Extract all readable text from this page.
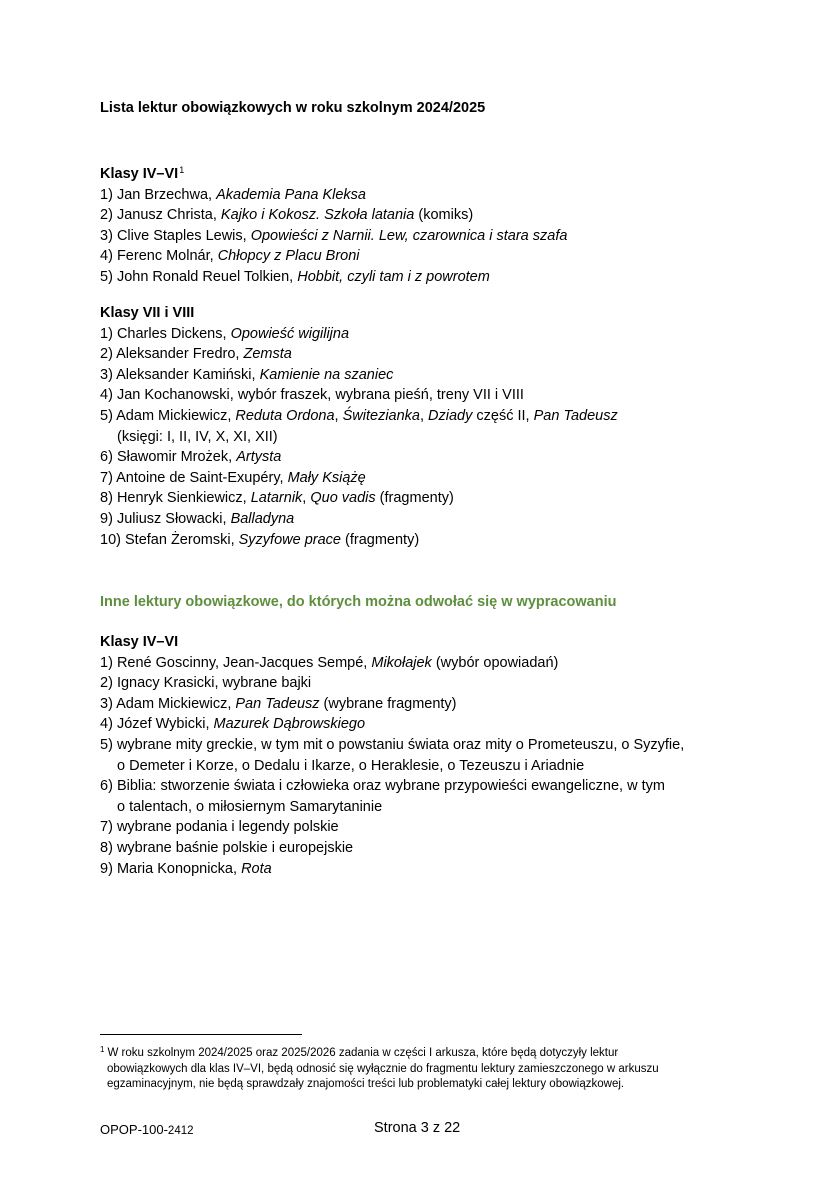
Lista lektur obowiązkowych w roku szkolnym 2024/2025
Klasy $IV-VI^1$
1) Jan Brzechwa, Akademia Pana Kleksa
2) Janusz Christa, Kajko i Kokosz. Szkoła latania (komiks)
3) Clive Staples Lewis, Opowieści z Narnii. Lew, czarownica i stara szafa
4) Ferenc Molnár, Chłopcy z Placu Broni
5) John Ronald Reuel Tolkien, Hobbit, czyli tam i z powrotem
Klasy VII i VIII
1) Charles Dickens, Opowieść wigilijna
2) Aleksander Fredro, Zemsta
3) Aleksander Kamiński, Kamienie na szaniec
4) Jan Kochanowski, wybór fraszek, wybrana pieśń, treny VII i VIII
5) Adam Mickiewicz, Reduta Ordona, Świtezianka, Dziady część II, Pan Tadeusz
(księgi: I, II, IV, X, XI, XII)
6) Sławomir Mrożek, Artysta
7) Antoine de Saint-Exupéry, Mały Książę
8) Henryk Sienkiewicz, Latarnik, Quo vadis (fragmenty)
9) Juliusz Słowacki, Balladyna
10) Stefan Żeromski, Syzyfowe prace (fragmenty)
Inne lektury obowiązkowe, do których można odwołać się w wypracowaniu
Klasy IV–VI
1) René Goscinny, Jean-Jacques Sempé, Mikołajek (wybór opowiadań)
2) Ignacy Krasicki, wybrane bajki
3) Adam Mickiewicz, Pan Tadeusz (wybrane fragmenty)
4) Józef Wybicki, Mazurek Dąbrowskiego
5) wybrane mity greckie, w tym mit o powstaniu świata oraz mity o Prometeuszu, o Syzyfie,
o Demeter i Korze, o Dedalu i Ikarze, o Heraklesie, o Tezeuszu i Ariadnie
6) Biblia: stworzenie świata i człowieka oraz wybrane przypowieści ewangeliczne, w tym
o talentach, o miłosiernym Samarytaninie
7) wybrane podania i legendy polskie
8) wybrane baśnie polskie i europejskie
9) Maria Konopnicka, Rota
$^1$ W roku szkolnym 2024/2025 oraz 2025/2026 zadania w części I arkusza, które będą dotyczyły lektur
obowiązkowych dla klas IV–VI, będą odnosić się wyłącznie do fragmentu lektury zamieszczonego w arkuszu
egzaminacyjnym, nie będą sprawdzały znajomości treści lub problematyki całej lektury obowiązkowej.
OPOP-100-2412	Strona 3 z 22
